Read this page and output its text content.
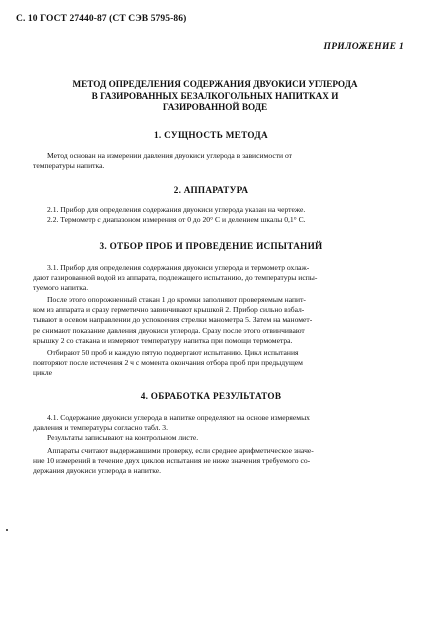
С. 10 ГОСТ 27440-87 (СТ СЭВ 5795-86)
ПРИЛОЖЕНИЕ 1
МЕТОД ОПРЕДЕЛЕНИЯ СОДЕРЖАНИЯ ДВУОКИСИ УГЛЕРОДА
В ГАЗИРОВАННЫХ БЕЗАЛКОГОЛЬНЫХ НАПИТКАХ И
ГАЗИРОВАННОЙ ВОДЕ
1. СУЩНОСТЬ МЕТОДА
Метод основан на измерении давления двуокиси углерода в зависимости от
температуры напитка.
2. АППАРАТУРА
2.1. Прибор для определения содержания двуокиси углерода указан на чертеже.
2.2. Термометр с диапазоном измерения от 0 до 20° С и делением шкалы 0,1° С.
3. ОТБОР ПРОБ И ПРОВЕДЕНИЕ ИСПЫТАНИЙ
3.1. Прибор для определения содержания двуокиси углерода и термометр охлаж-
дают газированной водой из аппарата, подлежащего испытанию, до температуры испы-
туемого напитка.
После этого опорожненный стакан 1 до кромки заполняют проверяемым напит-
ком из аппарата и сразу герметично завинчивают крышкой 2. Прибор сильно взбал-
тывают в осевом направлении до успокоения стрелки манометра 5. Затем на маномет-
ре снимают показание давления двуокиси углерода. Сразу после этого отвинчивают
крышку 2 со стакана и измеряют температуру напитка при помощи термометра.
Отбирают 50 проб и каждую пятую подвергают испытанию. Цикл испытания
повторяют после истечения 2 ч с момента окончания отбора проб при предыдущем
цикле
4. ОБРАБОТКА РЕЗУЛЬТАТОВ
4.1. Содержание двуокиси углерода в напитке определяют на основе измеряемых
давления и температуры согласно табл. 3.
Результаты записывают на контрольном листе.
Аппараты считают выдержавшими проверку, если среднее арифметическое значе-
ние 10 измерений в течение двух циклов испытания не ниже значения требуемого со-
держания двуокиси углерода в напитке.
